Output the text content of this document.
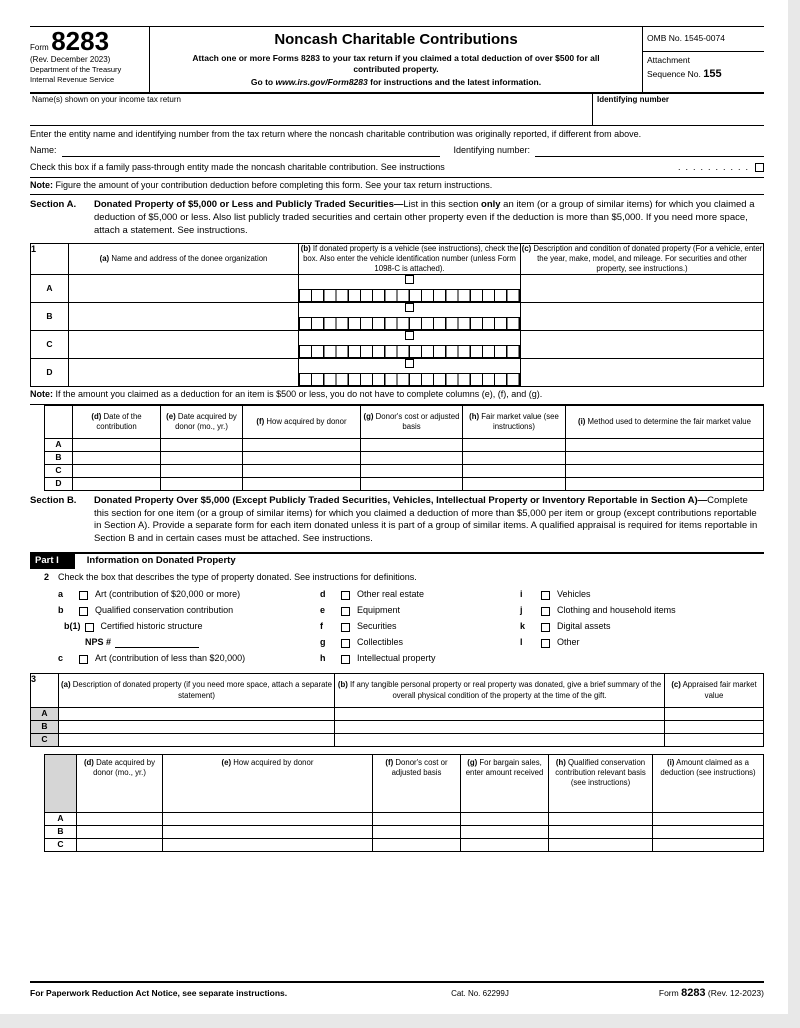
Form 8283
(Rev. December 2023)
Department of the Treasury
Internal Revenue Service
Noncash Charitable Contributions
Attach one or more Forms 8283 to your tax return if you claimed a total deduction of over $500 for all contributed property.
Go to www.irs.gov/Form8283 for instructions and the latest information.
OMB No. 1545-0074
Attachment
Sequence No. 155
Name(s) shown on your income tax return	Identifying number
Enter the entity name and identifying number from the tax return where the noncash charitable contribution was originally reported, if different from above.
Name:	Identifying number:
Check this box if a family pass-through entity made the noncash charitable contribution. See instructions	.  .  .  .  .  .  .  .  .  .
Note: Figure the amount of your contribution deduction before completing this form. See your tax return instructions.
Section A.	Donated Property of $5,000 or Less and Publicly Traded Securities—List in this section only an item (or a group of similar items) for which you claimed a deduction of $5,000 or less. Also list publicly traded securities and certain other property even if the deduction is more than $5,000. If you need more space, attach a statement. See instructions.
1	(a) Name and address of the donee organization	(b) If donated property is a vehicle (see instructions), check the box. Also enter the vehicle identification number (unless Form 1098-C is attached).	(c) Description and condition of donated property (For a vehicle, enter the year, make, model, and mileage. For securities and other property, see instructions.)
A		

B		

C		

D		

Note: If the amount you claimed as a deduction for an item is $500 or less, you do not have to complete columns (e), (f), and (g).
	(d) Date of the contribution	(e) Date acquired by donor (mo., yr.)	(f) How acquired by donor	(g) Donor's cost or adjusted basis	(h) Fair market value (see instructions)	(i) Method used to determine the fair market value
A						
B						
C						
D						
Section B.	Donated Property Over $5,000 (Except Publicly Traded Securities, Vehicles, Intellectual Property or Inventory Reportable in Section A)—Complete this section for one item (or a group of similar items) for which you claimed a deduction of more than $5,000 per item or group (except contributions reportable in Section A). Provide a separate form for each item donated unless it is part of a group of similar items. A qualified appraisal is required for items reportable in Section B and in certain cases must be attached. See instructions.
Part I	Information on Donated Property
2 Check the box that describes the type of property donated. See instructions for definitions.
a	Art (contribution of $20,000 or more)
b	Qualified conservation contribution
b(1) Certified historic structure
NPS #
c	Art (contribution of less than $20,000)
d	Other real estate
e	Equipment
f	Securities
g	Collectibles
h	Intellectual property
i	Vehicles
j	Clothing and household items
k	Digital assets
l	Other
3	(a) Description of donated property (if you need more space, attach a separate statement)	(b) If any tangible personal property or real property was donated, give a brief summary of the overall physical condition of the property at the time of the gift.	(c) Appraised fair market value
A			
B			
C			
	(d) Date acquired by donor (mo., yr.)	(e) How acquired by donor	(f) Donor's cost or adjusted basis	(g) For bargain sales, enter amount received	(h) Qualified conservation contribution relevant basis (see instructions)	(i) Amount claimed as a deduction (see instructions)
A						
B						
C						
For Paperwork Reduction Act Notice, see separate instructions.	Cat. No. 62299J	Form 8283 (Rev. 12-2023)
